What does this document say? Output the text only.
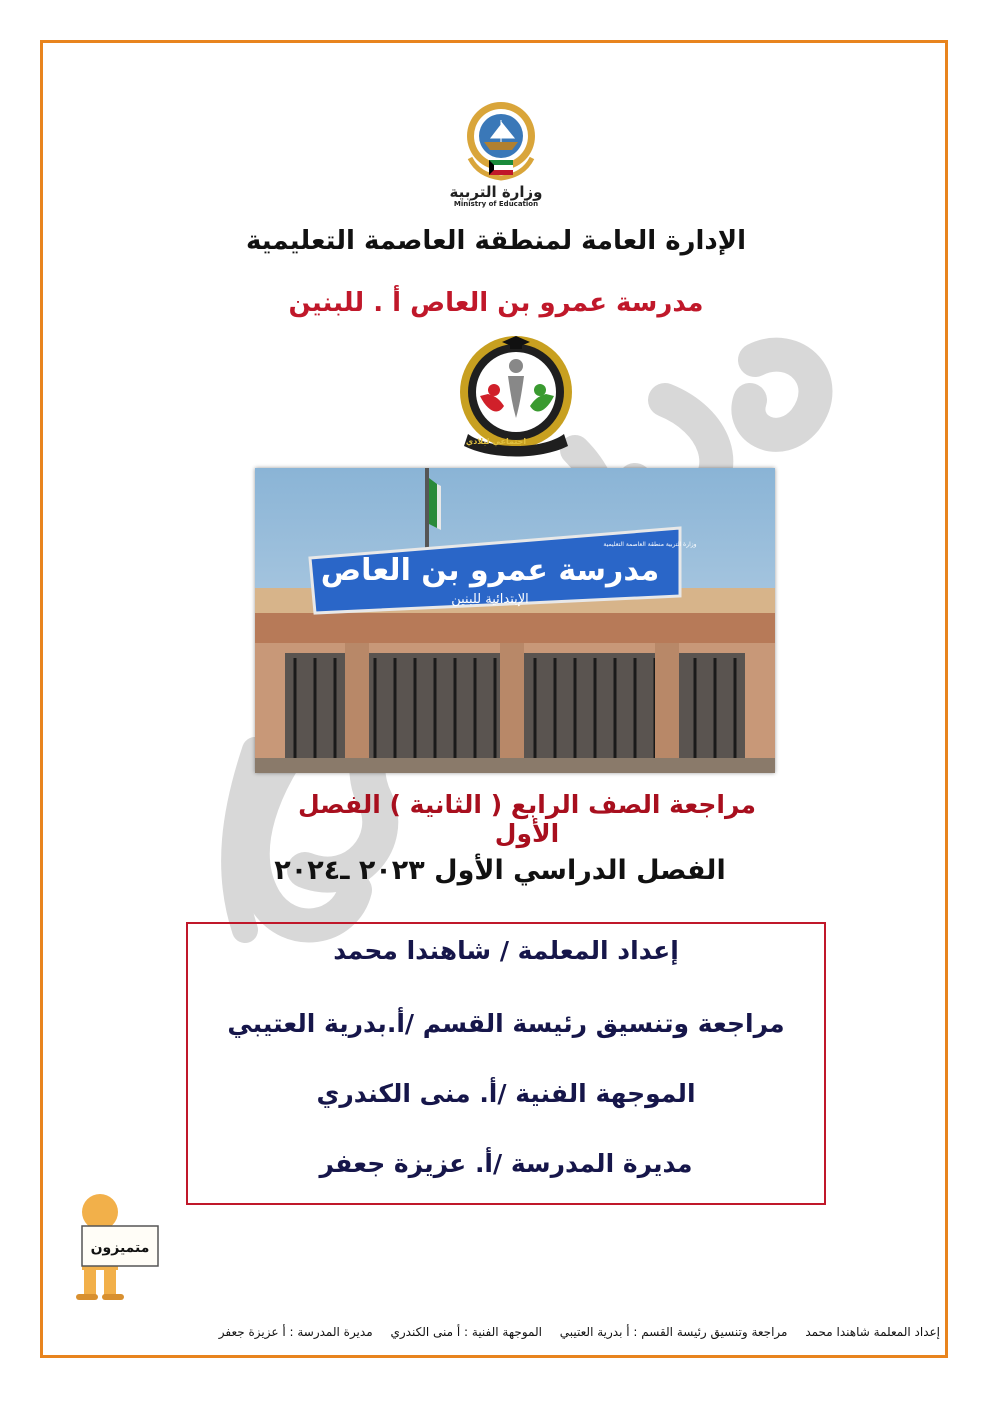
وزارة التربية
Ministry of Education
الإدارة العامة لمنطقة العاصمة التعليمية
مدرسة عمرو بن العاص أ . للبنين
اجتماعي لبلادي
مدرسة عمرو بن العاص
الإبتدائية للبنين
وزارة التربية منطقة العاصمة التعليمية
مراجعة الصف الرابع ( الثانية ) الفصل الأول
الفصل الدراسي الأول ٢٠٢٣ ـ٢٠٢٤
إعداد المعلمة / شاهندا محمد
مراجعة وتنسيق رئيسة القسم /أ.بدرية العتيبي
الموجهة الفنية /أ. منى الكندري
مديرة المدرسة /أ. عزيزة جعفر
متميزون
إعداد المعلمة شاهندا محمد مراجعة وتنسيق رئيسة القسم : أ بدرية العتيبي الموجهة الفنية : أ منى الكندري مديرة المدرسة : أ عزيزة جعفر
